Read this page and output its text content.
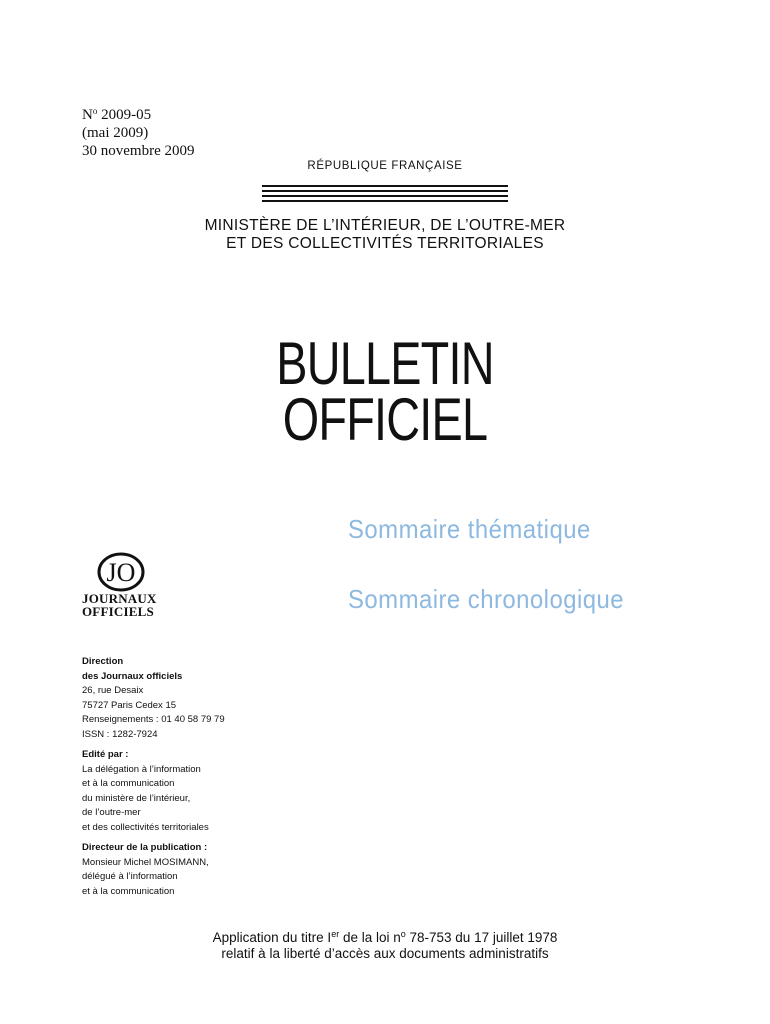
$N^o$ 2009-05
(mai 2009)
30 novembre 2009
RÉPUBLIQUE FRANÇAISE
MINISTÈRE DE L’INTÉRIEUR, DE L’OUTRE-MER
ET DES COLLECTIVITÉS TERRITORIALES
BULLETIN
OFFICIEL
Sommaire thématique
Sommaire chronologique
JO
JOURNAUX
OFFICIELS
Direction
des Journaux officiels
26, rue Desaix
75727 Paris Cedex 15
Renseignements : 01 40 58 79 79
ISSN : 1282-7924
Edité par :
La délégation à l’information
et à la communication
du ministère de l’intérieur,
de l’outre-mer
et des collectivités territoriales
Directeur de la publication :
Monsieur Michel MOSIMANN,
délégué à l’information
et à la communication
Application du titre Ier de la loi $n^o$ 78-753 du 17 juillet 1978
relatif à la liberté d’accès aux documents administratifs
